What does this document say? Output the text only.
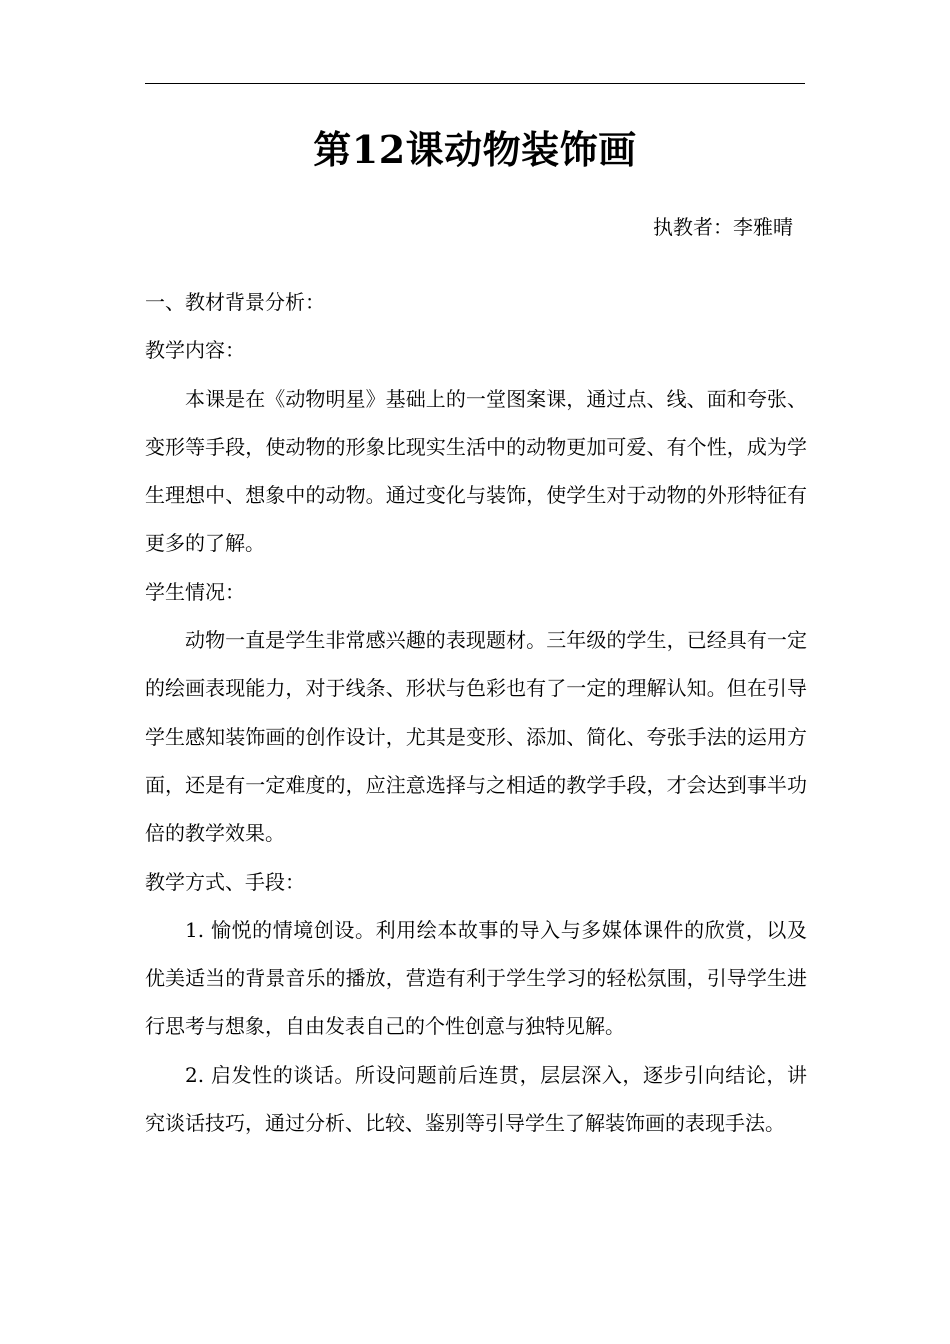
第12课动物装饰画
执教者：李雅晴

一、教材背景分析：

教学内容：

本课是在《动物明星》基础上的一堂图案课，通过点、线、面和夸张、变形等手段，使动物的形象比现实生活中的动物更加可爱、有个性，成为学生理想中、想象中的动物。通过变化与装饰，使学生对于动物的外形特征有更多的了解。

学生情况：

动物一直是学生非常感兴趣的表现题材。三年级的学生，已经具有一定的绘画表现能力，对于线条、形状与色彩也有了一定的理解认知。但在引导学生感知装饰画的创作设计，尤其是变形、添加、简化、夸张手法的运用方面，还是有一定难度的，应注意选择与之相适的教学手段，才会达到事半功倍的教学效果。

教学方式、手段：

1. 愉悦的情境创设。利用绘本故事的导入与多媒体课件的欣赏，以及优美适当的背景音乐的播放，营造有利于学生学习的轻松氛围，引导学生进行思考与想象，自由发表自己的个性创意与独特见解。

2. 启发性的谈话。所设问题前后连贯，层层深入，逐步引向结论，讲究谈话技巧，通过分析、比较、鉴别等引导学生了解装饰画的表现手法。
